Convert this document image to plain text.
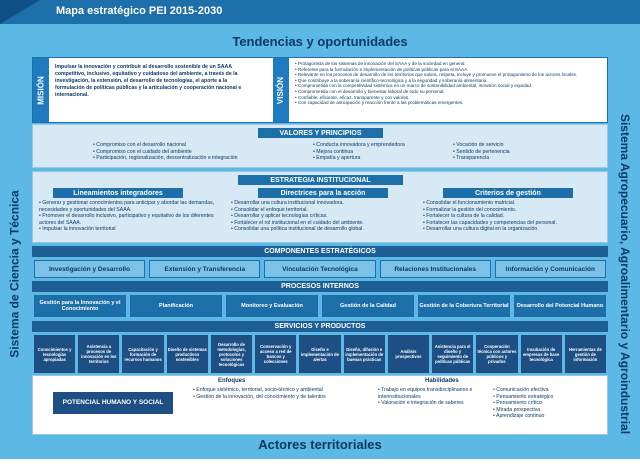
Mapa estratégico PEI 2015-2030
Tendencias y oportunidades
Sistema de Ciencia y Técnica	Sistema Agropecuario, Agroalimentario y Agroindustrial
MISIÓN
Impulsar la innovación y contribuir al desarrollo sostenible de un SAAA competitivo, inclusivo, equitativo y cuidadoso del ambiente, a través de la investigación, la extensión, el desarrollo de tecnologías, el aporte a la formulación de políticas públicas y la articulación y cooperación nacional e internacional.	VISIÓN
• Protagonista de los sistemas de innovación del SAAA y de la sociedad en general.
• Referente para la formulación e implementación de políticas públicas para el SAAA.
• Relevante en los procesos de desarrollo de los territorios que valora, respeta, incluye y promueve el protagonismo de los actores locales.
• Que contribuye a la soberanía científico-tecnológica y a la seguridad y soberanía alimentaria.
• Comprometida con la competitividad sistémica en un marco de sostenibilidad ambiental, inclusión social y equidad.
• Comprometida con el desarrollo y bienestar laboral de todo su personal.
• Confiable, eficiente, eficaz, transparente y con valores.
• Con capacidad de anticipación y reacción frente a las problemáticas emergentes.
VALORES Y PRINCIPIOS
• Compromiso con el desarrollo nacional
• Compromiso con el cuidado del ambiente
• Participación, regionalización, descentralización e integración
• Conducta innovadora y emprendedora
• Mejora continua
• Empatía y apertura
• Vocación de servicio
• Sentido de pertenencia
• Transparencia
ESTRATEGIA INSTITUCIONAL
Lineamientos integradores
• Generar y gestionar conocimientos para anticipar y abordar las demandas, necesidades y oportunidades del SAAA.
• Promover el desarrollo inclusivo, participativo y equitativo de los diferentes actores del SAAA.
• Impulsar la innovación territorial
Directrices para la acción
• Desarrollar una cultura institucional innovadora.
• Consolidar el enfoque territorial.
• Desarrollar y aplicar tecnologías críticas.
• Fortalecer el rol institucional en el cuidado del ambiente.
• Consolidar una política institucional de desarrollo global.
Criterios de gestión
• Consolidar el funcionamiento matricial.
• Formalizar la gestión del conocimiento.
• Fortalecer la cultura de la calidad.
• Fortalecer las capacidades y competencias del personal.
• Desarrollar una cultura digital en la organización.
COMPONENTES ESTRATÉGICOS
Investigación y Desarrollo	Extensión y Transferencia	Vinculación Tecnológica	Relaciones Institucionales	Información y Comunicación
PROCESOS INTERNOS
Gestión para la Innovación y el Conocimiento	Planificación	Monitoreo y Evaluación	Gestión de la Calidad	Gestión de la Cobertura Territorial	Desarrollo del Potencial Humano
SERVICIOS Y PRODUCTOS
Conocimientos y tecnologías apropiadas
Asistencia a procesos de innovación en los territorios
Capacitación y formación de recursos humanos
Diseño de sistemas productivos sostenibles
Desarrollo de metodologías, protocolos y soluciones tecnológicas
Conservación y acceso a red de bancos y colecciones
Diseño e implementación de alertas
Diseño, difusión e implementación de buenas prácticas
Análisis prospectivos
Asistencia para el diseño y seguimiento de políticas públicas
Cooperación técnica con actores públicos y privados
Incubación de empresas de base tecnológica
Herramientas de gestión de información
POTENCIAL HUMANO Y SOCIAL
Enfoques
• Enfoque sistémico, territorial, socio-técnico y ambiental
• Gestión de la innovación, del conocimiento y de talentos
Habilidades
• Trabajo en equipos transdisciplinarios e interinstitucionales
• Valoración e integración de saberes
• Comunicación efectiva
• Pensamiento estratégico
• Pensamiento crítico
• Mirada prospectiva
• Aprendizaje continuo
Actores territoriales
